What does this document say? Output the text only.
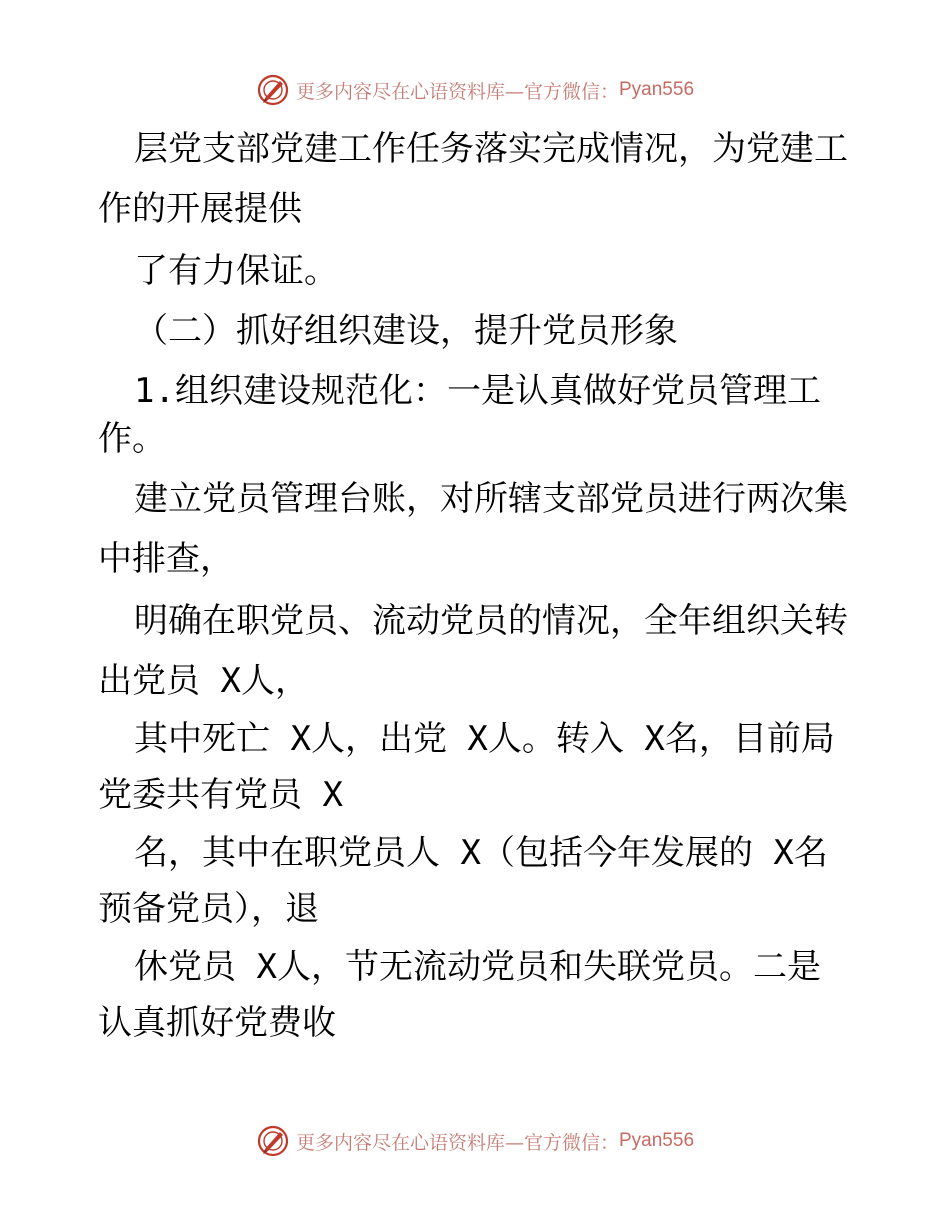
更多内容尽在心语资料库—官方微信： Pyan556
层党支部党建工作任务落实完成情况，为党建工
作的开展提供
了有力保证。
（二）抓好组织建设，提升党员形象
1.组织建设规范化：一是认真做好党员管理工
作。
建立党员管理台账，对所辖支部党员进行两次集
中排查，
明确在职党员、流动党员的情况，全年组织关转
出党员 X人，
其中死亡 X人，出党 X人。转入 X名，目前局
党委共有党员 X
名，其中在职党员人 X（包括今年发展的 X名
预备党员），退
休党员 X人，节无流动党员和失联党员。二是
认真抓好党费收
更多内容尽在心语资料库—官方微信： Pyan556
